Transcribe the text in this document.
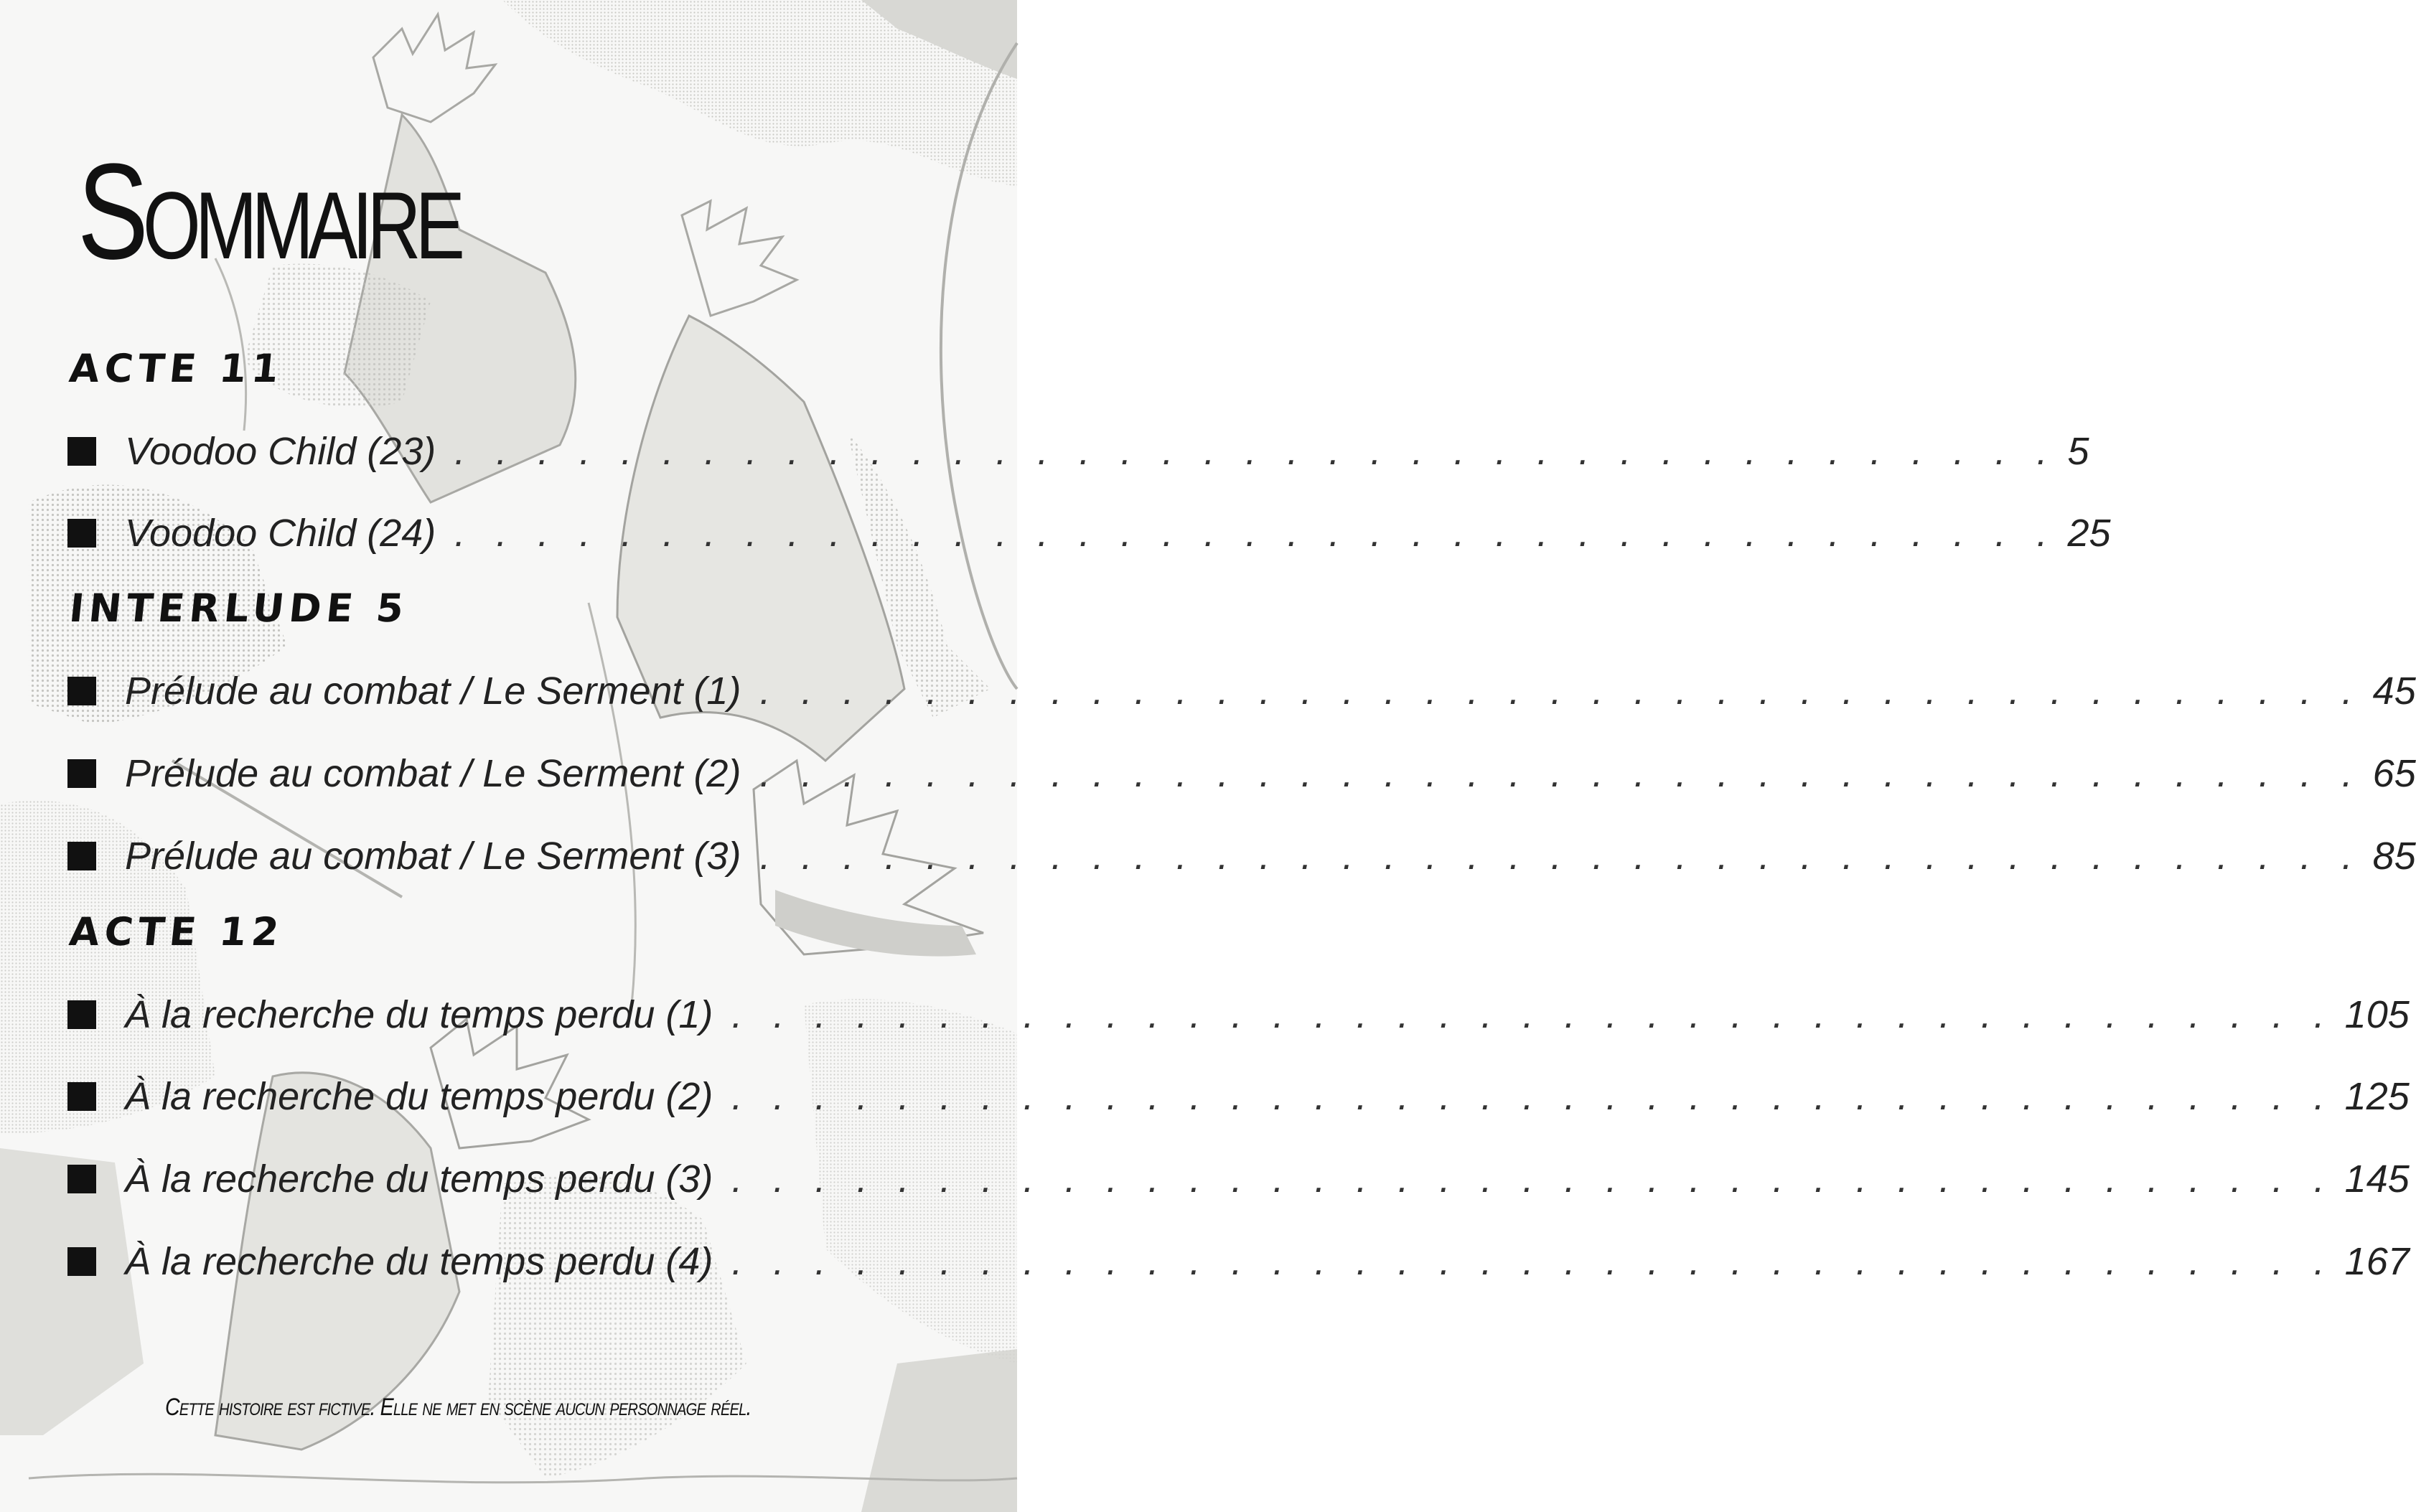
Sommaire
ACTE 11
Voodoo Child (23) . . . . . . . . . . . . . . . . . . . . . . . . . . . . . . . . . . . . . . . 5
Voodoo Child (24) . . . . . . . . . . . . . . . . . . . . . . . . . . . . . . . . . . . . . . . 25
INTERLUDE 5
Prélude au combat / Le Serment (1) . . . . . . . . . . . . . . . . . . . . . . . . . . . . . . . . . . . . . . . 45
Prélude au combat / Le Serment (2) . . . . . . . . . . . . . . . . . . . . . . . . . . . . . . . . . . . . . . . 65
Prélude au combat / Le Serment (3) . . . . . . . . . . . . . . . . . . . . . . . . . . . . . . . . . . . . . . . 85
ACTE 12
À la recherche du temps perdu (1) . . . . . . . . . . . . . . . . . . . . . . . . . . . . . . . . . . . . . . . 105
À la recherche du temps perdu (2) . . . . . . . . . . . . . . . . . . . . . . . . . . . . . . . . . . . . . . . 125
À la recherche du temps perdu (3) . . . . . . . . . . . . . . . . . . . . . . . . . . . . . . . . . . . . . . . 145
À la recherche du temps perdu (4) . . . . . . . . . . . . . . . . . . . . . . . . . . . . . . . . . . . . . . . 167
Cette histoire est fictive. Elle ne met en scène aucun personnage réel.
